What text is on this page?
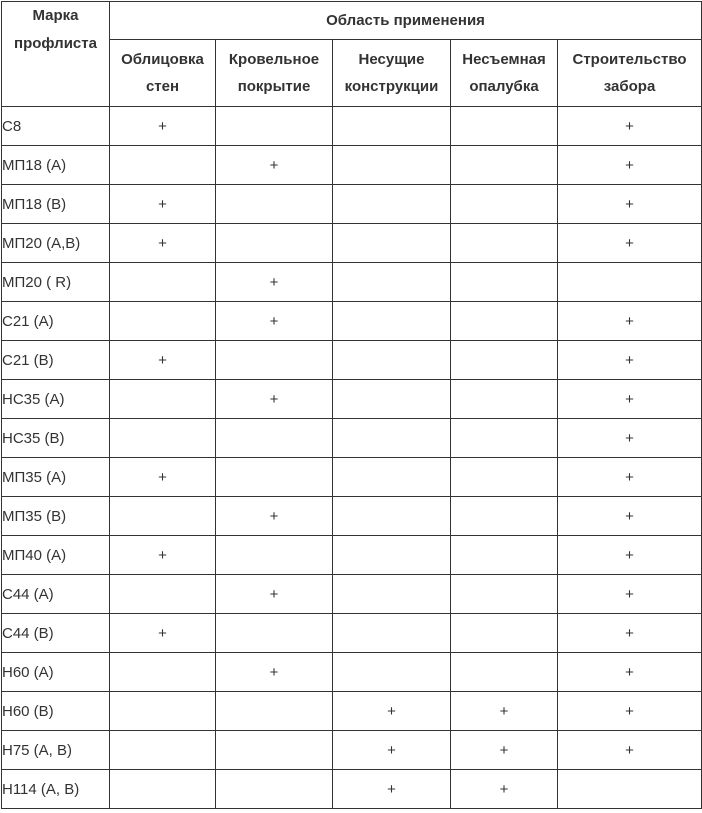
Марка профлиста	Область применения				
	Облицовка стен	Кровельное покрытие	Несущие конструкции	Несъемная опалубка	Строительство забора
С8	+				+
МП18 (А)		+			+
МП18 (В)	+				+
МП20 (А,В)	+				+
МП20 ( R)		+			
С21 (А)		+			+
С21 (В)	+				+
НС35 (А)		+			+
НС35 (В)					+
МП35 (А)	+				+
МП35 (В)		+			+
МП40 (А)	+				+
С44 (А)		+			+
С44 (В)	+				+
Н60 (А)		+			+
Н60 (В)			+	+	+
Н75 (А, В)			+	+	+
Н114 (А, В)			+	+	
